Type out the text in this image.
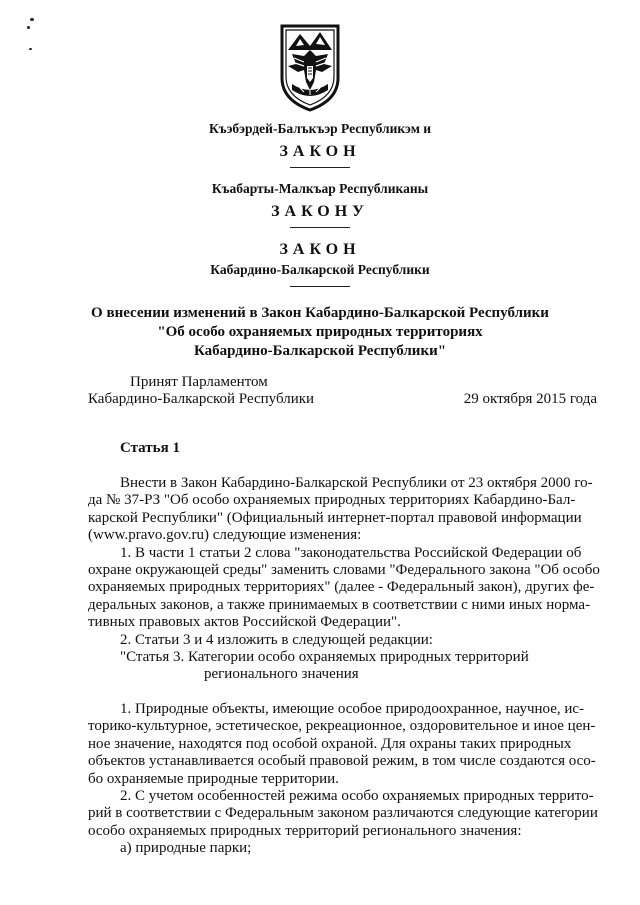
Къэбэрдей-Балъкъэр Республикэм и
ЗАКОН
Къабарты-Малкъар Республиканы
ЗАКОНУ
ЗАКОН
Кабардино-Балкарской Республики
О внесении изменений в Закон Кабардино-Балкарской Республики
"Об особо охраняемых природных территориях
Кабардино-Балкарской Республики"
Принят Парламентом
Кабардино-Балкарской Республики	29 октября 2015 года
Статья 1

Внести в Закон Кабардино-Балкарской Республики от 23 октября 2000 го-

да № 37-РЗ "Об особо охраняемых природных территориях Кабардино-Бал-

карской Республики" (Официальный интернет-портал правовой информации

(www.pravo.gov.ru) следующие изменения:

1. В части 1 статьи 2 слова "законодательства Российской Федерации об

охране окружающей среды" заменить словами "Федерального закона "Об особо

охраняемых природных территориях" (далее - Федеральный закон), других фе-

деральных законов, а также принимаемых в соответствии с ними иных норма-

тивных правовых актов Российской Федерации".

2. Статьи 3 и 4 изложить в следующей редакции:

"Статья 3. Категории особо охраняемых природных территорий

регионального значения

1. Природные объекты, имеющие особое природоохранное, научное, ис-

торико-культурное, эстетическое, рекреационное, оздоровительное и иное цен-

ное значение, находятся под особой охраной. Для охраны таких природных

объектов устанавливается особый правовой режим, в том числе создаются осо-

бо охраняемые природные территории.

2. С учетом особенностей режима особо охраняемых природных террито-

рий в соответствии с Федеральным законом различаются следующие категории

особо охраняемых природных территорий регионального значения:

а) природные парки;
